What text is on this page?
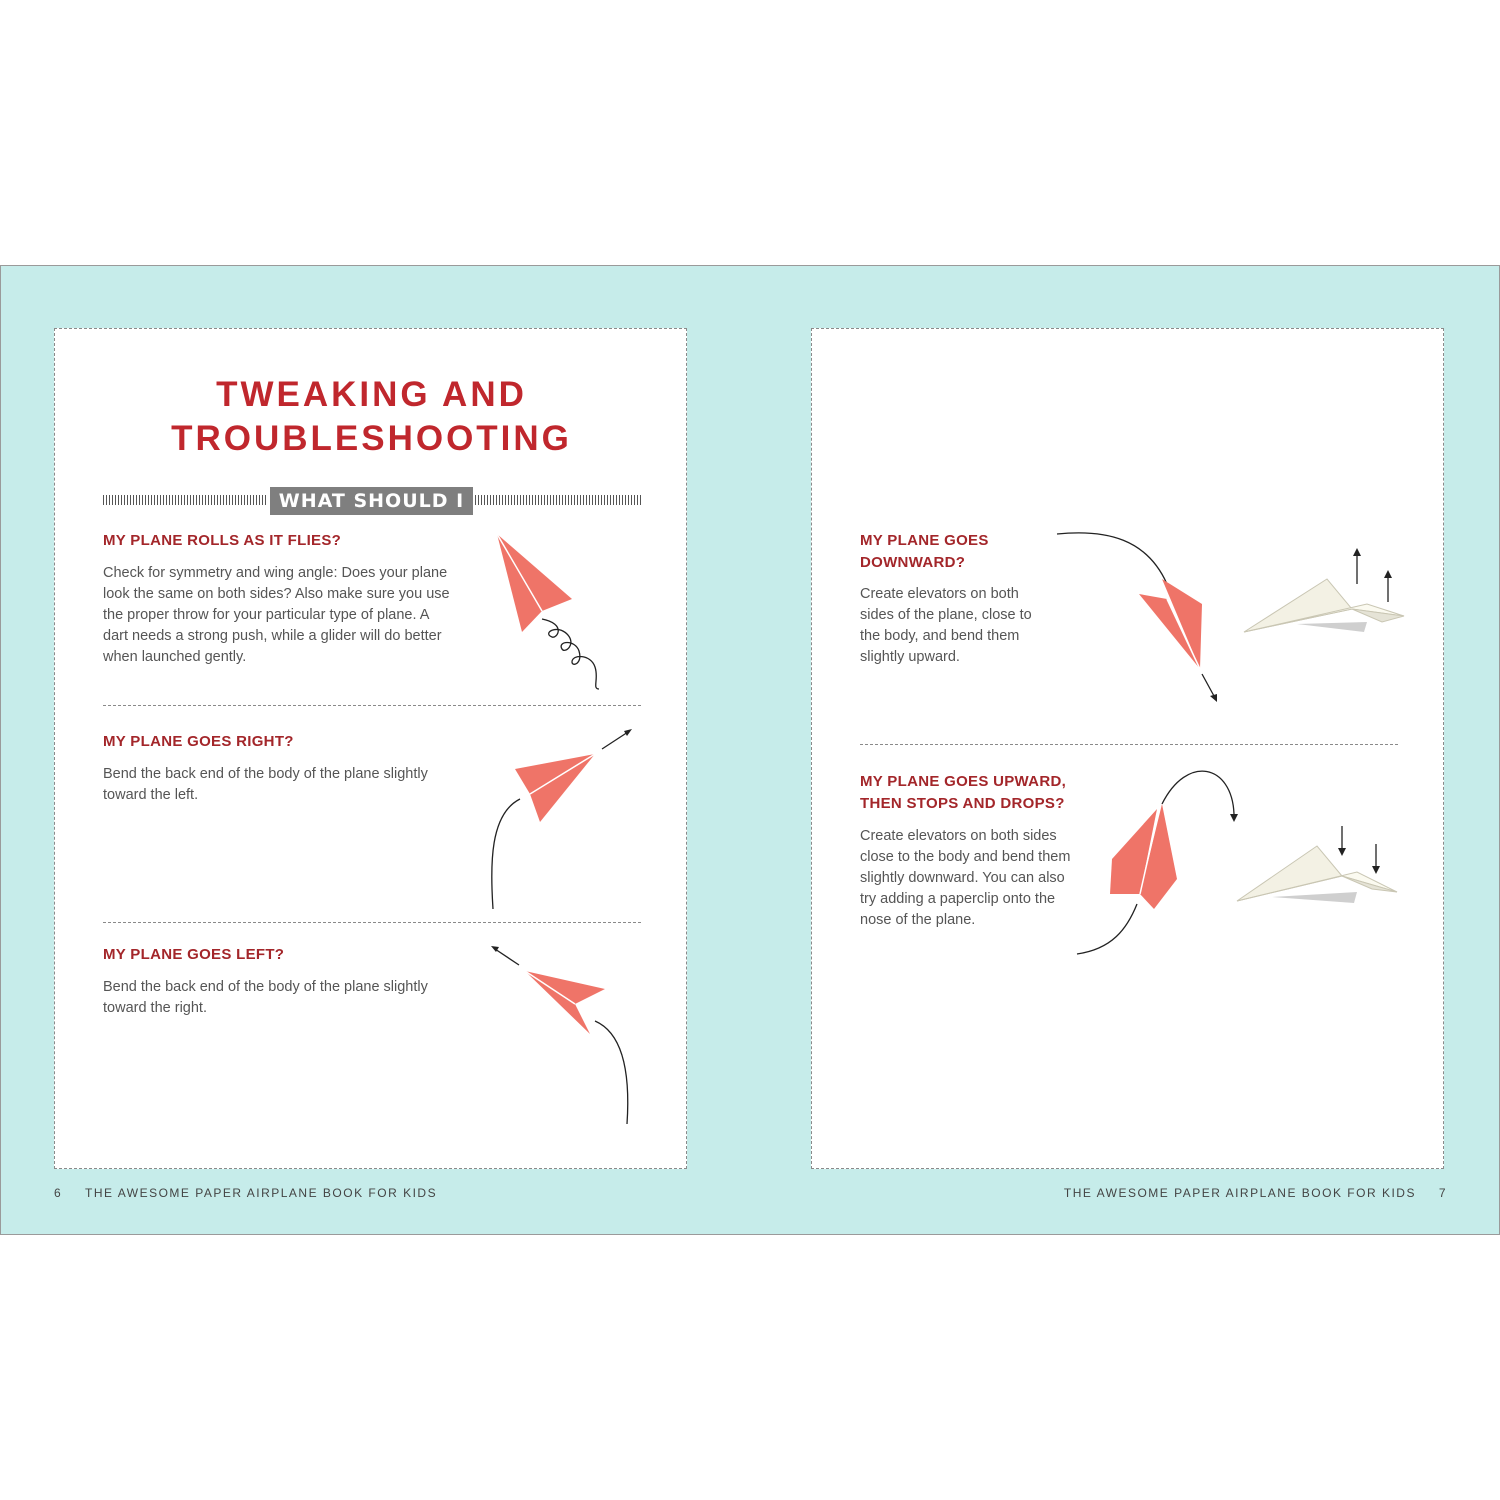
TWEAKING AND
TROUBLESHOOTING
WHAT SHOULD I DO IF:
MY PLANE ROLLS AS IT FLIES?
Check for symmetry and wing angle: Does your plane look the same on both sides? Also make sure you use the proper throw for your particular type of plane. A dart needs a strong push, while a glider will do better when launched gently.
MY PLANE GOES RIGHT?
Bend the back end of the body of the plane slightly toward the left.
MY PLANE GOES LEFT?
Bend the back end of the body of the plane slightly toward the right.
MY PLANE GOES
DOWNWARD?
Create elevators on both sides of the plane, close to the body, and bend them slightly upward.
MY PLANE GOES UPWARD,
THEN STOPS AND DROPS?
Create elevators on both sides close to the body and bend them slightly downward. You can also try adding a paperclip onto the nose of the plane.
6 THE AWESOME PAPER AIRPLANE BOOK FOR KIDS	THE AWESOME PAPER AIRPLANE BOOK FOR KIDS 7
